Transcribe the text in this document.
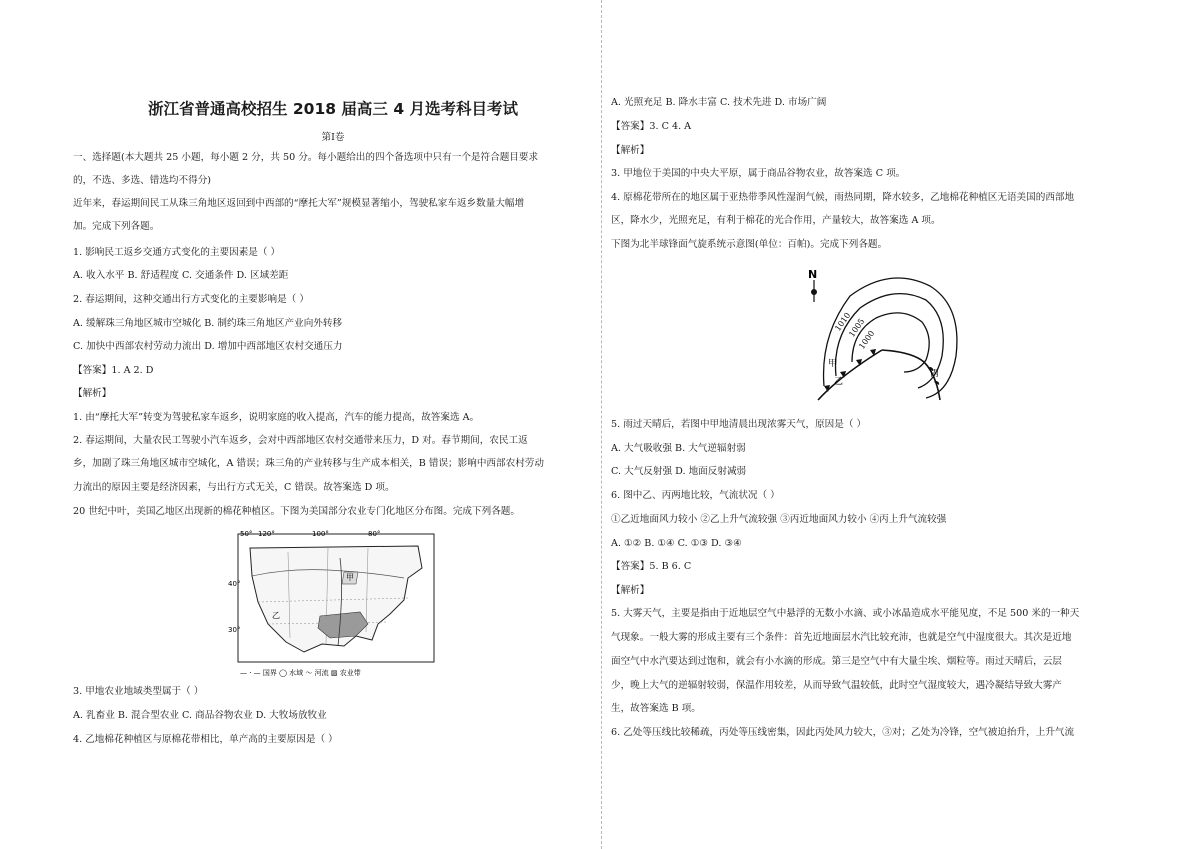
浙江省普通高校招生 2018 届高三 4 月选考科目考试
第Ⅰ卷
一、选择题(本大题共 25 小题，每小题 2 分，共 50 分。每小题给出的四个备选项中只有一个是符合题目要求
的，不选、多选、错选均不得分)
近年来，春运期间民工从珠三角地区返回到中西部的“摩托大军”规模显著缩小，驾驶私家车返乡数量大幅增
加。完成下列各题。
1. 影响民工返乡交通方式变化的主要因素是（ ）
A. 收入水平 B. 舒适程度 C. 交通条件 D. 区域差距
2. 春运期间，这种交通出行方式变化的主要影响是（ ）
A. 缓解珠三角地区城市空城化 B. 制约珠三角地区产业向外转移
C. 加快中西部农村劳动力流出 D. 增加中西部地区农村交通压力
【答案】1. A 2. D
【解析】
1. 由“摩托大军”转变为驾驶私家车返乡，说明家庭的收入提高，汽车的能力提高，故答案选 A。
2. 春运期间，大量农民工驾驶小汽车返乡，会对中西部地区农村交通带来压力，D 对。春节期间，农民工返
乡，加剧了珠三角地区城市空城化，A 错误；珠三角的产业转移与生产成本相关，B 错误；影响中西部农村劳动
力流出的原因主要是经济因素，与出行方式无关，C 错误。故答案选 D 项。
20 世纪中叶，美国乙地区出现新的棉花种植区。下图为美国部分农业专门化地区分布图。完成下列各题。
50° 120°	100°	80°
40°
30°
甲
乙
— · — 国界 ◯ 水域 ～ 河流 ▨ 农业带
3. 甲地农业地域类型属于（ ）
A. 乳畜业 B. 混合型农业 C. 商品谷物农业 D. 大牧场放牧业
4. 乙地棉花种植区与原棉花带相比，单产高的主要原因是（ ）
A. 光照充足 B. 降水丰富 C. 技术先进 D. 市场广阔
【答案】3. C 4. A
【解析】
3. 甲地位于美国的中央大平原，属于商品谷物农业，故答案选 C 项。
4. 原棉花带所在的地区属于亚热带季风性湿润气候，雨热同期，降水较多，乙地棉花种植区无语美国的西部地
区，降水少，光照充足，有利于棉花的光合作用，产量较大，故答案选 A 项。
下图为北半球锋面气旋系统示意图(单位：百帕)。完成下列各题。
N
1010
1005
1000
甲
乙
丙
5. 雨过天晴后，若图中甲地清晨出现浓雾天气，原因是（ ）
A. 大气吸收强 B. 大气逆辐射弱
C. 大气反射强 D. 地面反射减弱
6. 图中乙、丙两地比较，气流状况（ ）
①乙近地面风力较小 ②乙上升气流较强 ③丙近地面风力较小 ④丙上升气流较强
A. ①② B. ①④ C. ①③ D. ③④
【答案】5. B 6. C
【解析】
5. 大雾天气，主要是指由于近地层空气中悬浮的无数小水滴、或小冰晶造成水平能见度，不足 500 米的一种天
气现象。一般大雾的形成主要有三个条件：首先近地面层水汽比较充沛，也就是空气中湿度很大。其次是近地
面空气中水汽要达到过饱和，就会有小水滴的形成。第三是空气中有大量尘埃、烟粒等。雨过天晴后，云层
少，晚上大气的逆辐射较弱，保温作用较差，从而导致气温较低，此时空气湿度较大，遇冷凝结导致大雾产
生，故答案选 B 项。
6. 乙处等压线比较稀疏，丙处等压线密集，因此丙处风力较大，③对；乙处为冷锋，空气被迫抬升，上升气流
